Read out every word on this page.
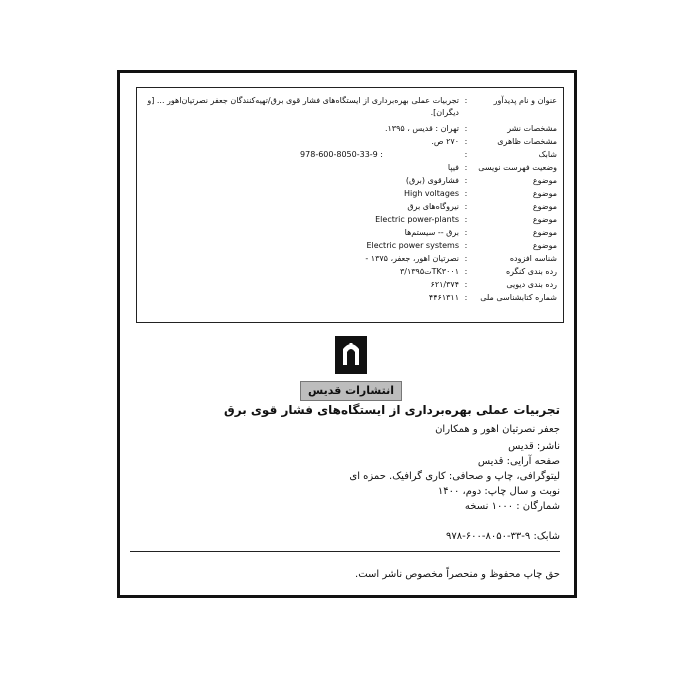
عنوان و نام پدیدآور
:
تجربیات عملی بهره‌برداری از ایستگاه‌های فشار قوی برق/تهیه‌کنندگان جعفر نصرتیان‌اهور ... [و
دیگران].
مشخصات نشر
:
تهران : قدیس ، ۱۳۹۵.
مشخصات ظاهری
:
۲۷۰ ص.
شابک
:
978-600-8050-33-9 :
وضعیت فهرست نویسی
:
فیپا
موضوع
:
فشارقوی (برق)
موضوع
:
High voltages
موضوع
:
نیروگاه‌های برق
موضوع
:
Electric power-plants
موضوع
:
برق -- سیستم‌ها
موضوع
:
Electric power systems
شناسه افزوده
:
نصرتیان اهور، جعفر، ۱۳۷۵ -
رده بندی کنگره
:
TK۳۰۰۱ت۳/۱۳۹۵
رده بندی دیویی
:
۶۲۱/۳۷۴
شماره کتابشناسی ملی
:
۴۴۶۱۳۱۱
انتشارات قدیس
تجربیات عملی بهره‌برداری از ایستگاه‌های فشار قوی برق
جعفر نصرتیان اهور و همکاران
ناشر: قدیس
صفحه آرایی: قدیس
لیتوگرافی، چاپ و صحافی: کاری گرافیک. حمزه ای
نوبت و سال چاپ: دوم، ۱۴۰۰
شمارگان : ۱۰۰۰ نسخه
شابک: ۹-۳۳-۸۰۵۰-۶۰۰-۹۷۸
حق چاپ محفوظ و منحصراً مخصوص ناشر است.
